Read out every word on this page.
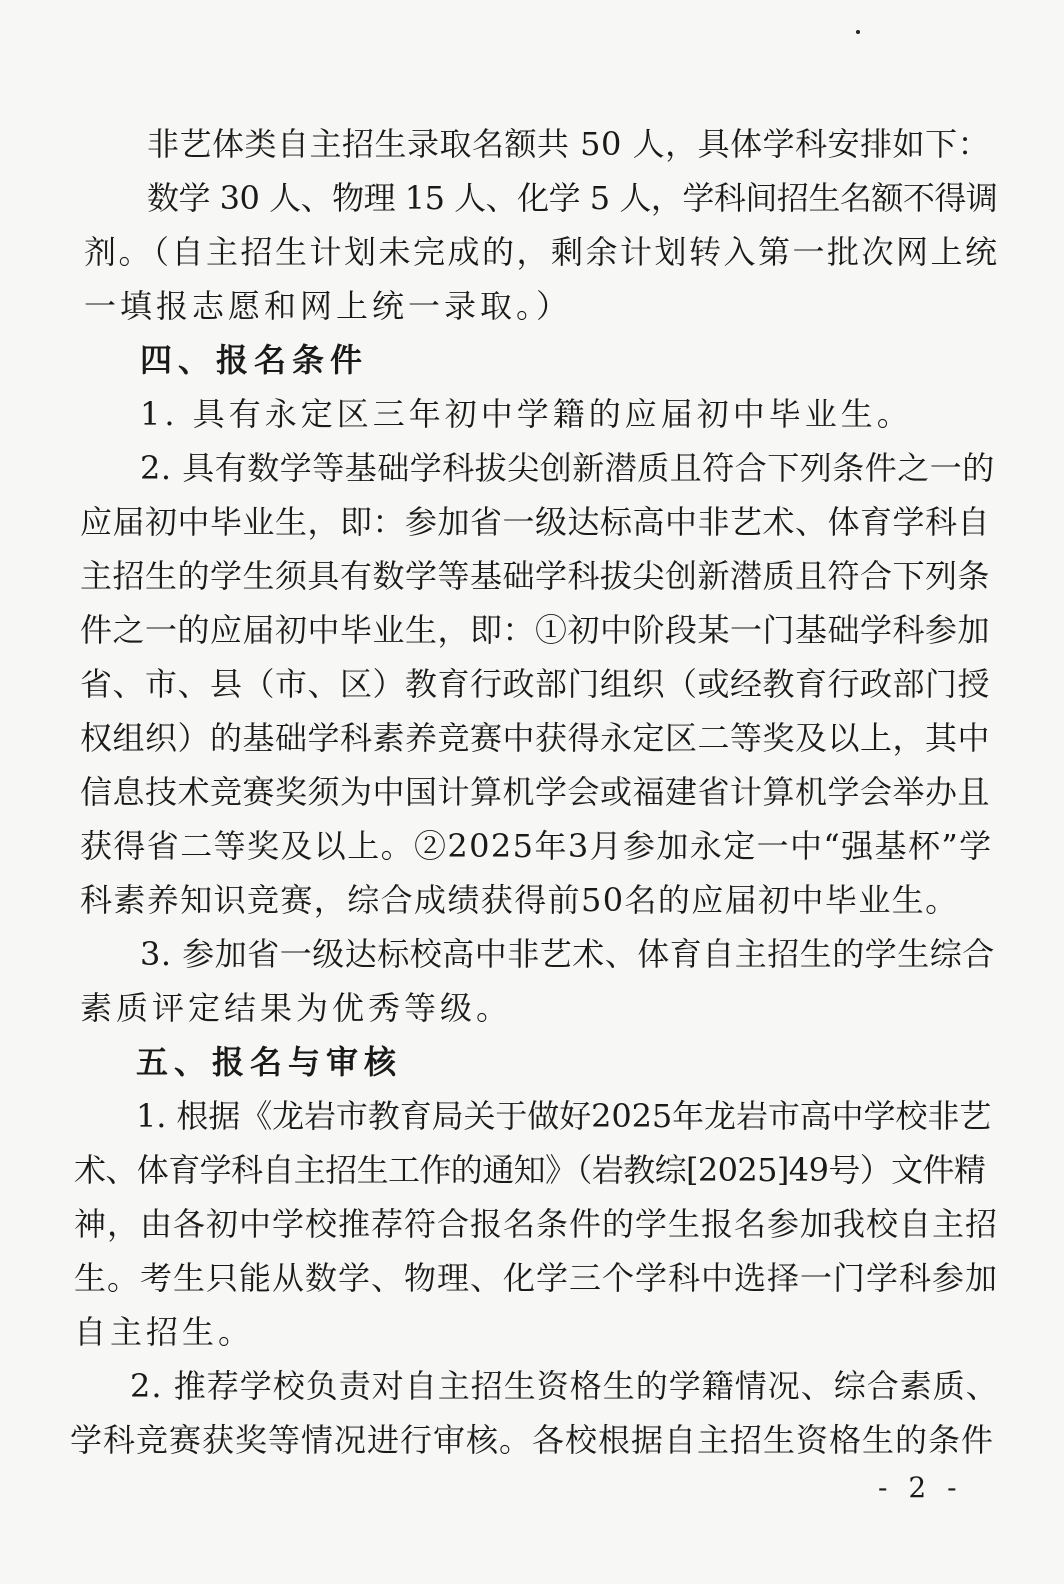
非艺体类自主招生录取名额共 50 人，具体学科安排如下：
数学 30 人、物理 15 人、化学 5 人，学科间招生名额不得调
剂。（自主招生计划未完成的，剩余计划转入第一批次网上统
一填报志愿和网上统一录取。）
四、报名条件
1. 具有永定区三年初中学籍的应届初中毕业生。
2. 具有数学等基础学科拔尖创新潜质且符合下列条件之一的
应届初中毕业生，即：参加省一级达标高中非艺术、体育学科自
主招生的学生须具有数学等基础学科拔尖创新潜质且符合下列条
件之一的应届初中毕业生，即：①初中阶段某一门基础学科参加
省、市、县（市、区）教育行政部门组织（或经教育行政部门授
权组织）的基础学科素养竞赛中获得永定区二等奖及以上，其中
信息技术竞赛奖须为中国计算机学会或福建省计算机学会举办且
获得省二等奖及以上。②2025年3月参加永定一中“强基杯”学
科素养知识竞赛，综合成绩获得前50名的应届初中毕业生。
3. 参加省一级达标校高中非艺术、体育自主招生的学生综合
素质评定结果为优秀等级。
五、报名与审核
1. 根据《龙岩市教育局关于做好2025年龙岩市高中学校非艺
术、体育学科自主招生工作的通知》（岩教综[2025]49号）文件精
神，由各初中学校推荐符合报名条件的学生报名参加我校自主招
生。考生只能从数学、物理、化学三个学科中选择一门学科参加
自主招生。
2. 推荐学校负责对自主招生资格生的学籍情况、综合素质、
学科竞赛获奖等情况进行审核。各校根据自主招生资格生的条件
- 2 -
